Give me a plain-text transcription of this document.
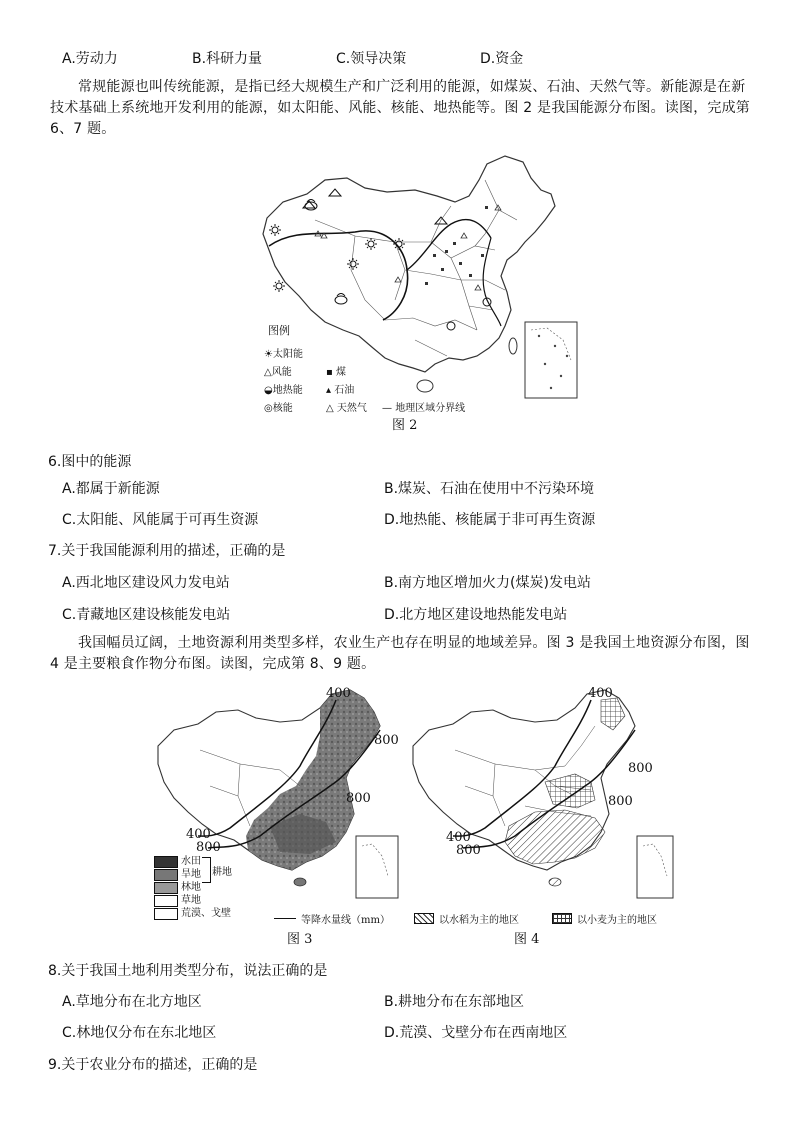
A.劳动力	B.科研力量	C.领导决策	D.资金
常规能源也叫传统能源，是指已经大规模生产和广泛利用的能源，如煤炭、石油、天然气等。新能源是在新技术基础上系统地开发利用的能源，如太阳能、风能、核能、地热能等。图 2 是我国能源分布图。读图，完成第 6、7 题。
图例
☀太阳能
△风能
◒地热能
◎核能
▪ 煤
▴ 石油
△ 天然气 — 地理区域分界线
图 2
6.图中的能源
A.都属于新能源	B.煤炭、石油在使用中不污染环境
C.太阳能、风能属于可再生资源	D.地热能、核能属于非可再生资源
7.关于我国能源利用的描述，正确的是
A.西北地区建设风力发电站	B.南方地区增加火力(煤炭)发电站
C.青藏地区建设核能发电站	D.北方地区建设地热能发电站
我国幅员辽阔，土地资源利用类型多样，农业生产也存在明显的地域差异。图 3 是我国土地资源分布图，图 4 是主要粮食作物分布图。读图，完成第 8、9 题。
400
800
800
400
800
水田
旱地
林地
草地
荒漠、戈壁
耕地
400
800
800
400
800
等降水量线（mm）	以水稻为主的地区	以小麦为主的地区
图 3	图 4
8.关于我国土地利用类型分布，说法正确的是
A.草地分布在北方地区	B.耕地分布在东部地区
C.林地仅分布在东北地区	D.荒漠、戈壁分布在西南地区
9.关于农业分布的描述，正确的是
